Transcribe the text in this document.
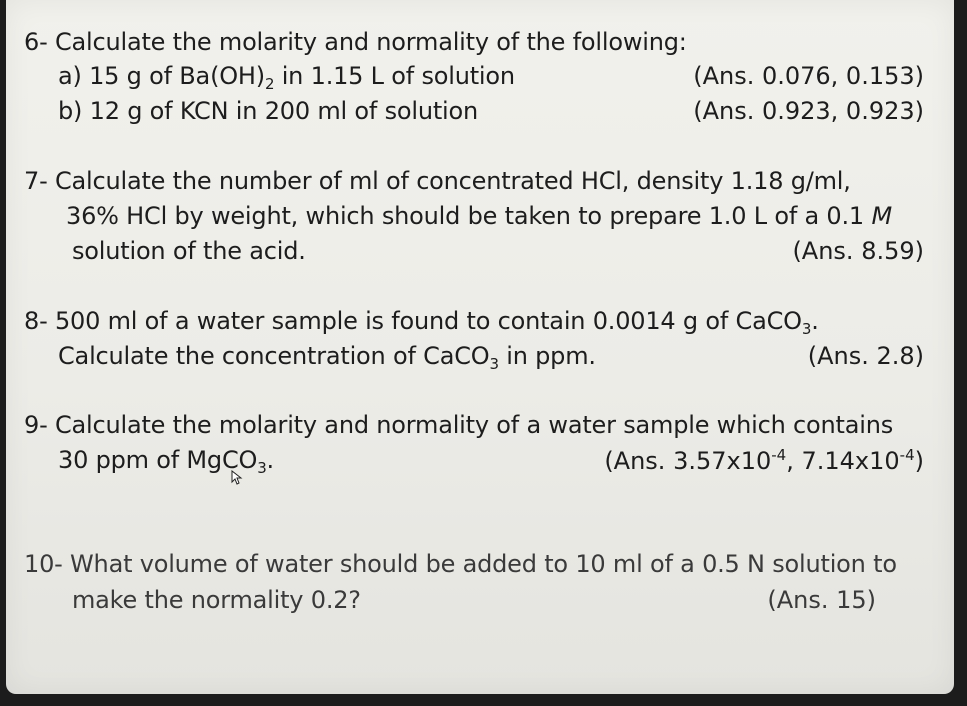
6- Calculate the molarity and normality of the following:
a) 15 g of $Ba(OH)_2$ in 1.15 L of solution	(Ans. 0.076, 0.153)
b) 12 g of KCN in 200 ml of solution	(Ans. 0.923, 0.923)
7- Calculate the number of ml of concentrated HCl, density 1.18 g/ml,
36% HCl by weight, which should be taken to prepare 1.0 L of a 0.1 M
solution of the acid.	(Ans. 8.59)
8- 500 ml of a water sample is found to contain 0.0014 g of CaCO$_3$.
Calculate the concentration of CaCO$_3$ in ppm.	(Ans. 2.8)
9- Calculate the molarity and normality of a water sample which contains
30 ppm of MgCO$_3$.	(Ans. $3.57x10^{-4}$, $7.14x10^{-4}$)
10- What volume of water should be added to 10 ml of a 0.5 N solution to
make the normality 0.2?	(Ans. 15)
